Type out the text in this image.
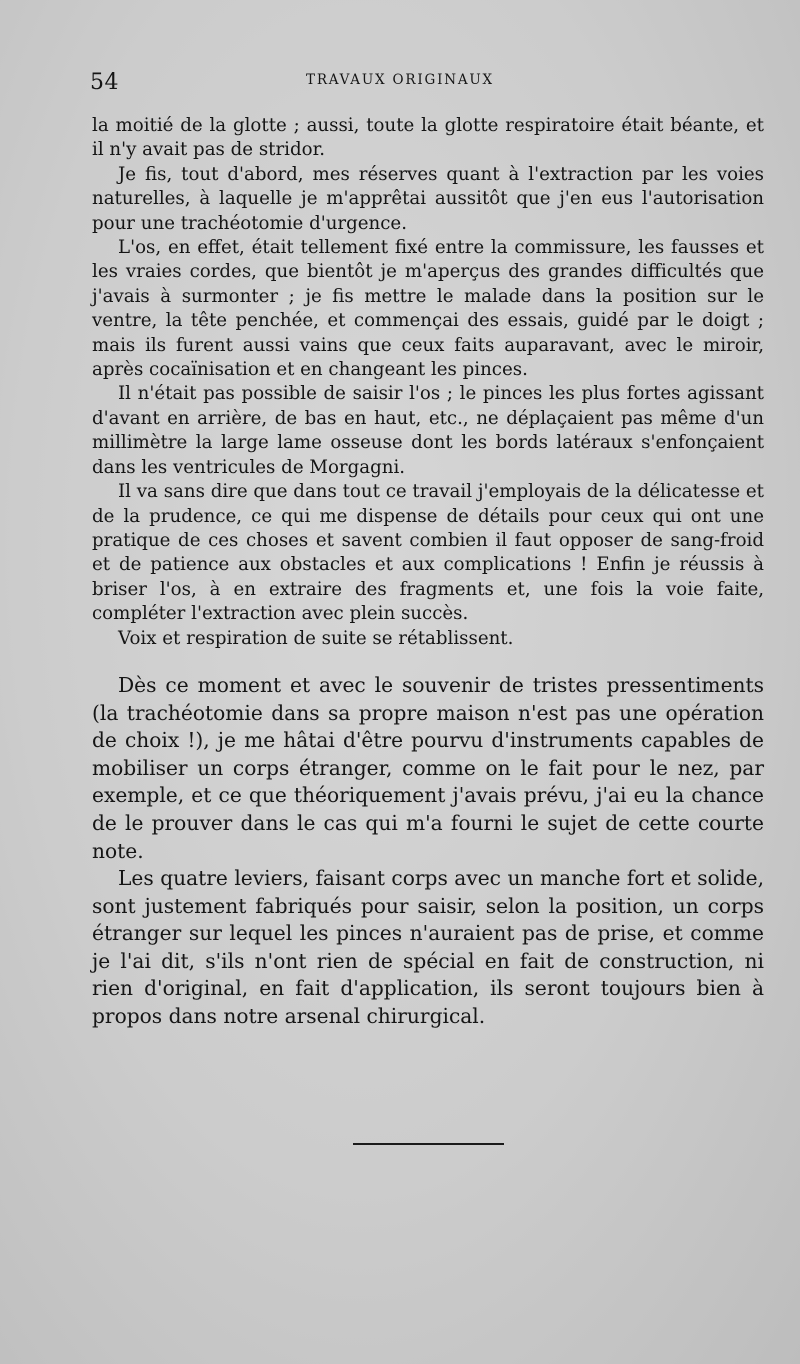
54	TRAVAUX ORIGINAUX

la moitié de la glotte ; aussi, toute la glotte respiratoire était béante, et il n'y avait pas de stridor.

Je fis, tout d'abord, mes réserves quant à l'extraction par les voies naturelles, à laquelle je m'apprêtai aussitôt que j'en eus l'autorisation pour une trachéotomie d'urgence.

L'os, en effet, était tellement fixé entre la commissure, les fausses et les vraies cordes, que bientôt je m'aperçus des grandes difficultés que j'avais à surmonter ; je fis mettre le malade dans la position sur le ventre, la tête penchée, et commençai des essais, guidé par le doigt ; mais ils furent aussi vains que ceux faits auparavant, avec le miroir, après cocaïnisation et en changeant les pinces.

Il n'était pas possible de saisir l'os ; le pinces les plus fortes agissant d'avant en arrière, de bas en haut, etc., ne déplaçaient pas même d'un millimètre la large lame osseuse dont les bords latéraux s'enfonçaient dans les ventricules de Morgagni.

Il va sans dire que dans tout ce travail j'employais de la délicatesse et de la prudence, ce qui me dispense de détails pour ceux qui ont une pratique de ces choses et savent combien il faut opposer de sang-froid et de patience aux obstacles et aux complications ! Enfin je réussis à briser l'os, à en extraire des fragments et, une fois la voie faite, compléter l'extraction avec plein succès.

Voix et respiration de suite se rétablissent.

Dès ce moment et avec le souvenir de tristes pressentiments (la trachéotomie dans sa propre maison n'est pas une opération de choix !), je me hâtai d'être pourvu d'instruments capables de mobiliser un corps étranger, comme on le fait pour le nez, par exemple, et ce que théoriquement j'avais prévu, j'ai eu la chance de le prouver dans le cas qui m'a fourni le sujet de cette courte note.

Les quatre leviers, faisant corps avec un manche fort et solide, sont justement fabriqués pour saisir, selon la position, un corps étranger sur lequel les pinces n'auraient pas de prise, et comme je l'ai dit, s'ils n'ont rien de spécial en fait de construction, ni rien d'original, en fait d'application, ils seront toujours bien à propos dans notre arsenal chirurgical.
